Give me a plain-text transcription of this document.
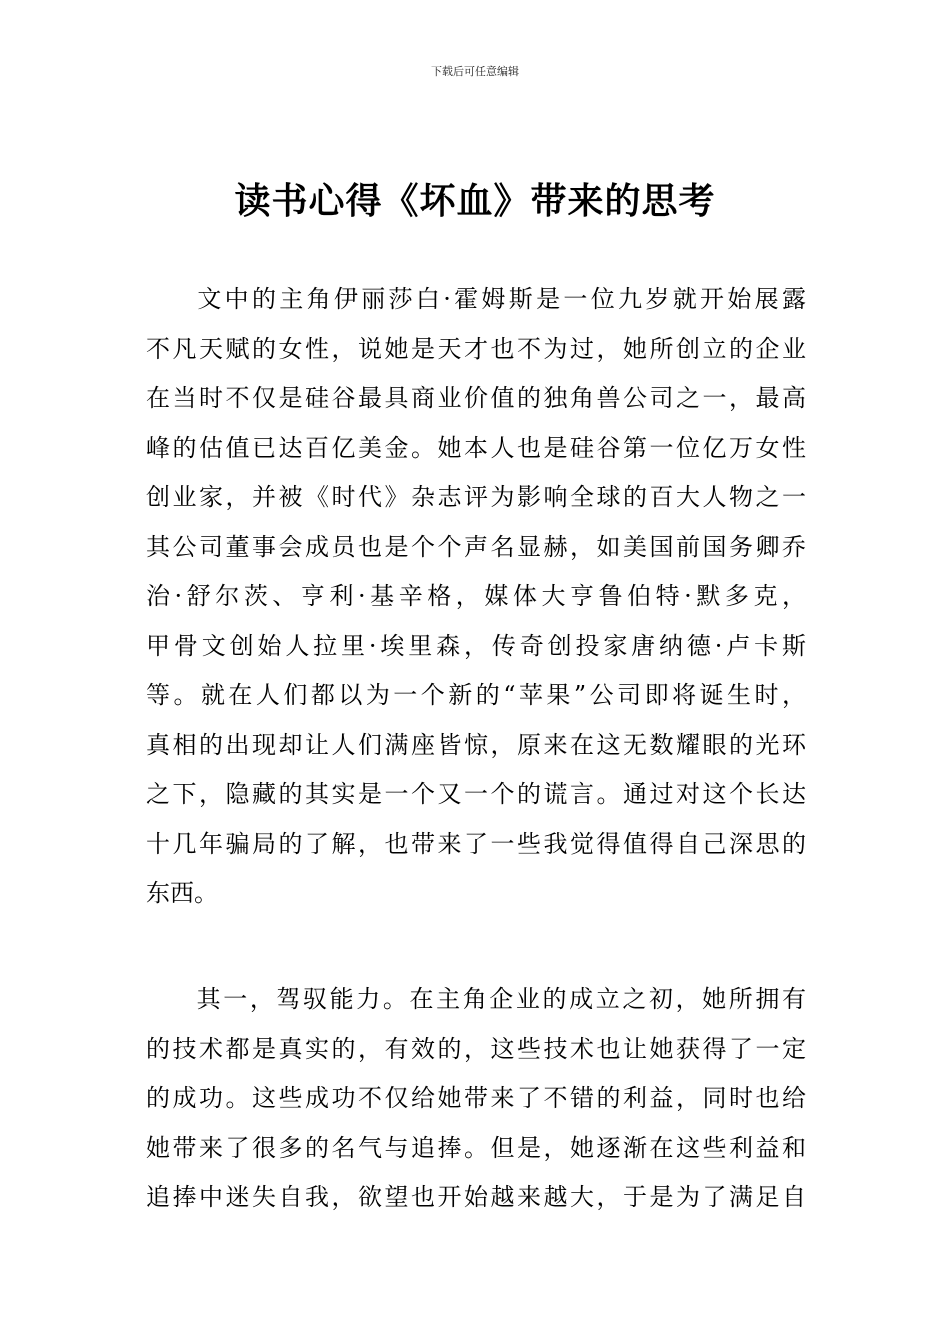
下载后可任意编辑
读书心得《坏血》带来的思考

文中的主角伊丽莎白·霍姆斯是一位九岁就开始展露
不凡天赋的女性，说她是天才也不为过，她所创立的企业
在当时不仅是硅谷最具商业价值的独角兽公司之一，最高
峰的估值已达百亿美金。她本人也是硅谷第一位亿万女性
创业家，并被《时代》杂志评为影响全球的百大人物之一
其公司董事会成员也是个个声名显赫，如美国前国务卿乔
治·舒尔茨、亨利·基辛格，媒体大亨鲁伯特·默多克，
甲骨文创始人拉里·埃里森，传奇创投家唐纳德·卢卡斯
等。就在人们都以为一个新的“苹果”公司即将诞生时，
真相的出现却让人们满座皆惊，原来在这无数耀眼的光环
之下，隐藏的其实是一个又一个的谎言。通过对这个长达
十几年骗局的了解，也带来了一些我觉得值得自己深思的
东西。

其一，驾驭能力。在主角企业的成立之初，她所拥有
的技术都是真实的，有效的，这些技术也让她获得了一定
的成功。这些成功不仅给她带来了不错的利益，同时也给
她带来了很多的名气与追捧。但是，她逐渐在这些利益和
追捧中迷失自我，欲望也开始越来越大，于是为了满足自
